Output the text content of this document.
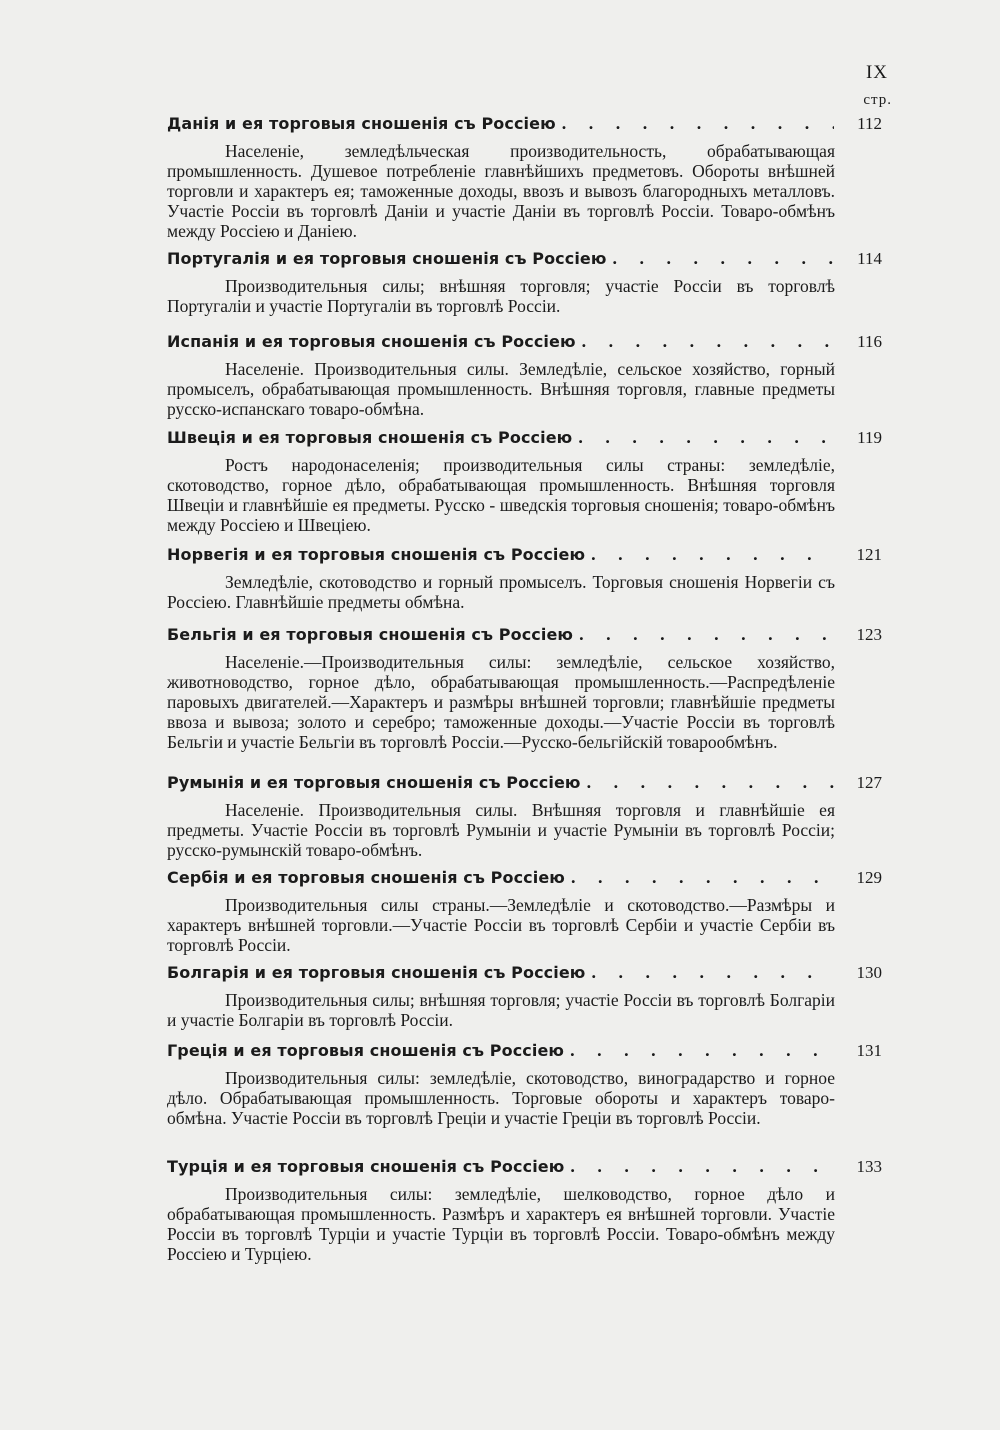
IX
стр.
Данія и ея торговыя сношенія съ Россіею . . .	112
Населеніе, земледѣльческая производительность, обрабатывающая промышленность. Душевое потребленіе главнѣйшихъ предметовъ. Обороты внѣшней торговли и характеръ ея; таможенные доходы, ввозъ и вывозъ благородныхъ металловъ. Участіе Россіи въ торговлѣ Даніи и участіе Даніи въ торговлѣ Россіи. Товаро-обмѣнъ между Россіею и Даніею.
Португалія и ея торговыя сношенія съ Россіею . . .	114
Производительныя силы; внѣшняя торговля; участіе Россіи въ торговлѣ Португаліи и участіе Португаліи въ торговлѣ Россіи.
Испанія и ея торговыя сношенія съ Россіею . . .	116
Населеніе. Производительныя силы. Земледѣліе, сельское хозяйство, горный промыселъ, обрабатывающая промышленность. Внѣшняя торговля, главные предметы русско-испанскаго товаро-обмѣна.
Швеція и ея торговыя сношенія съ Россіею . . .	119
Ростъ народонаселенія; производительныя силы страны: земледѣліе, скотоводство, горное дѣло, обрабатывающая промышленность. Внѣшняя торговля Швеціи и главнѣйшіе ея предметы. Русско - шведскія торговыя сношенія; товаро-обмѣнъ между Россіею и Швеціею.
Норвегія и ея торговыя сношенія съ Россіею . . .	121
Земледѣліе, скотоводство и горный промыселъ. Торговыя сношенія Норвегіи съ Россіею. Главнѣйшіе предметы обмѣна.
Бельгія и ея торговыя сношенія съ Россіею . . .	123
Населеніе.—Производительныя силы: земледѣліе, сельское хозяйство, животноводство, горное дѣло, обрабатывающая промышленность.—Распредѣленіе паровыхъ двигателей.—Характеръ и размѣры внѣшней торговли; главнѣйшіе предметы ввоза и вывоза; золото и серебро; таможенные доходы.—Участіе Россіи въ торговлѣ Бельгіи и участіе Бельгіи въ торговлѣ Россіи.—Русско-бельгійскій товарообмѣнъ.
Румынія и ея торговыя сношенія съ Россіею . . .	127
Населеніе. Производительныя силы. Внѣшняя торговля и главнѣйшіе ея предметы. Участіе Россіи въ торговлѣ Румыніи и участіе Румыніи въ торговлѣ Россіи; русско-румынскій товаро-обмѣнъ.
Сербія и ея торговыя сношенія съ Россіею . . .	129
Производительныя силы страны.—Земледѣліе и скотоводство.—Размѣры и характеръ внѣшней торговли.—Участіе Россіи въ торговлѣ Сербіи и участіе Сербіи въ торговлѣ Россіи.
Болгарія и ея торговыя сношенія съ Россіею . . .	130
Производительныя силы; внѣшняя торговля; участіе Россіи въ торговлѣ Болгаріи и участіе Болгаріи въ торговлѣ Россіи.
Греція и ея торговыя сношенія съ Россіею . . .	131
Производительныя силы: земледѣліе, скотоводство, виноградарство и горное дѣло. Обрабатывающая промышленность. Торговые обороты и характеръ товаро-обмѣна. Участіе Россіи въ торговлѣ Греціи и участіе Греціи въ торговлѣ Россіи.
Турція и ея торговыя сношенія съ Россіею . . .	133
Производительныя силы: земледѣліе, шелководство, горное дѣло и обрабатывающая промышленность. Размѣръ и характеръ ея внѣшней торговли. Участіе Россіи въ торговлѣ Турціи и участіе Турціи въ торговлѣ Россіи. Товаро-обмѣнъ между Россіею и Турціею.
